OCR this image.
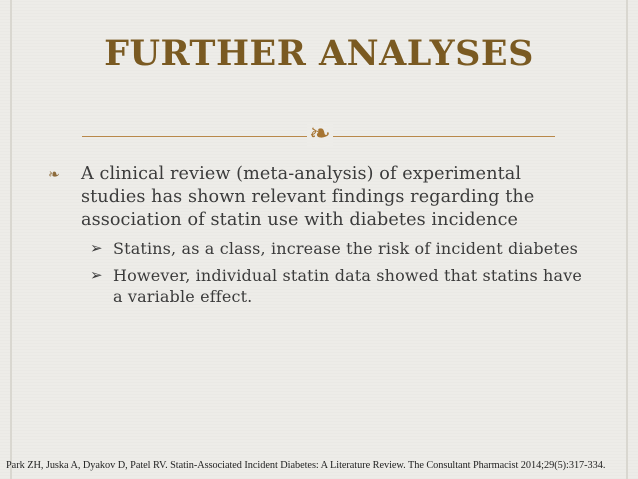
FURTHER ANALYSES
❧
❧ A clinical review (meta-analysis) of experimental studies has shown relevant findings regarding the association of statin use with diabetes incidence
➢ Statins, as a class, increase the risk of incident diabetes
➢ However, individual statin data showed that statins have a variable effect.
Park ZH, Juska A, Dyakov D, Patel RV. Statin-Associated Incident Diabetes: A Literature Review. The Consultant Pharmacist 2014;29(5):317-334.
